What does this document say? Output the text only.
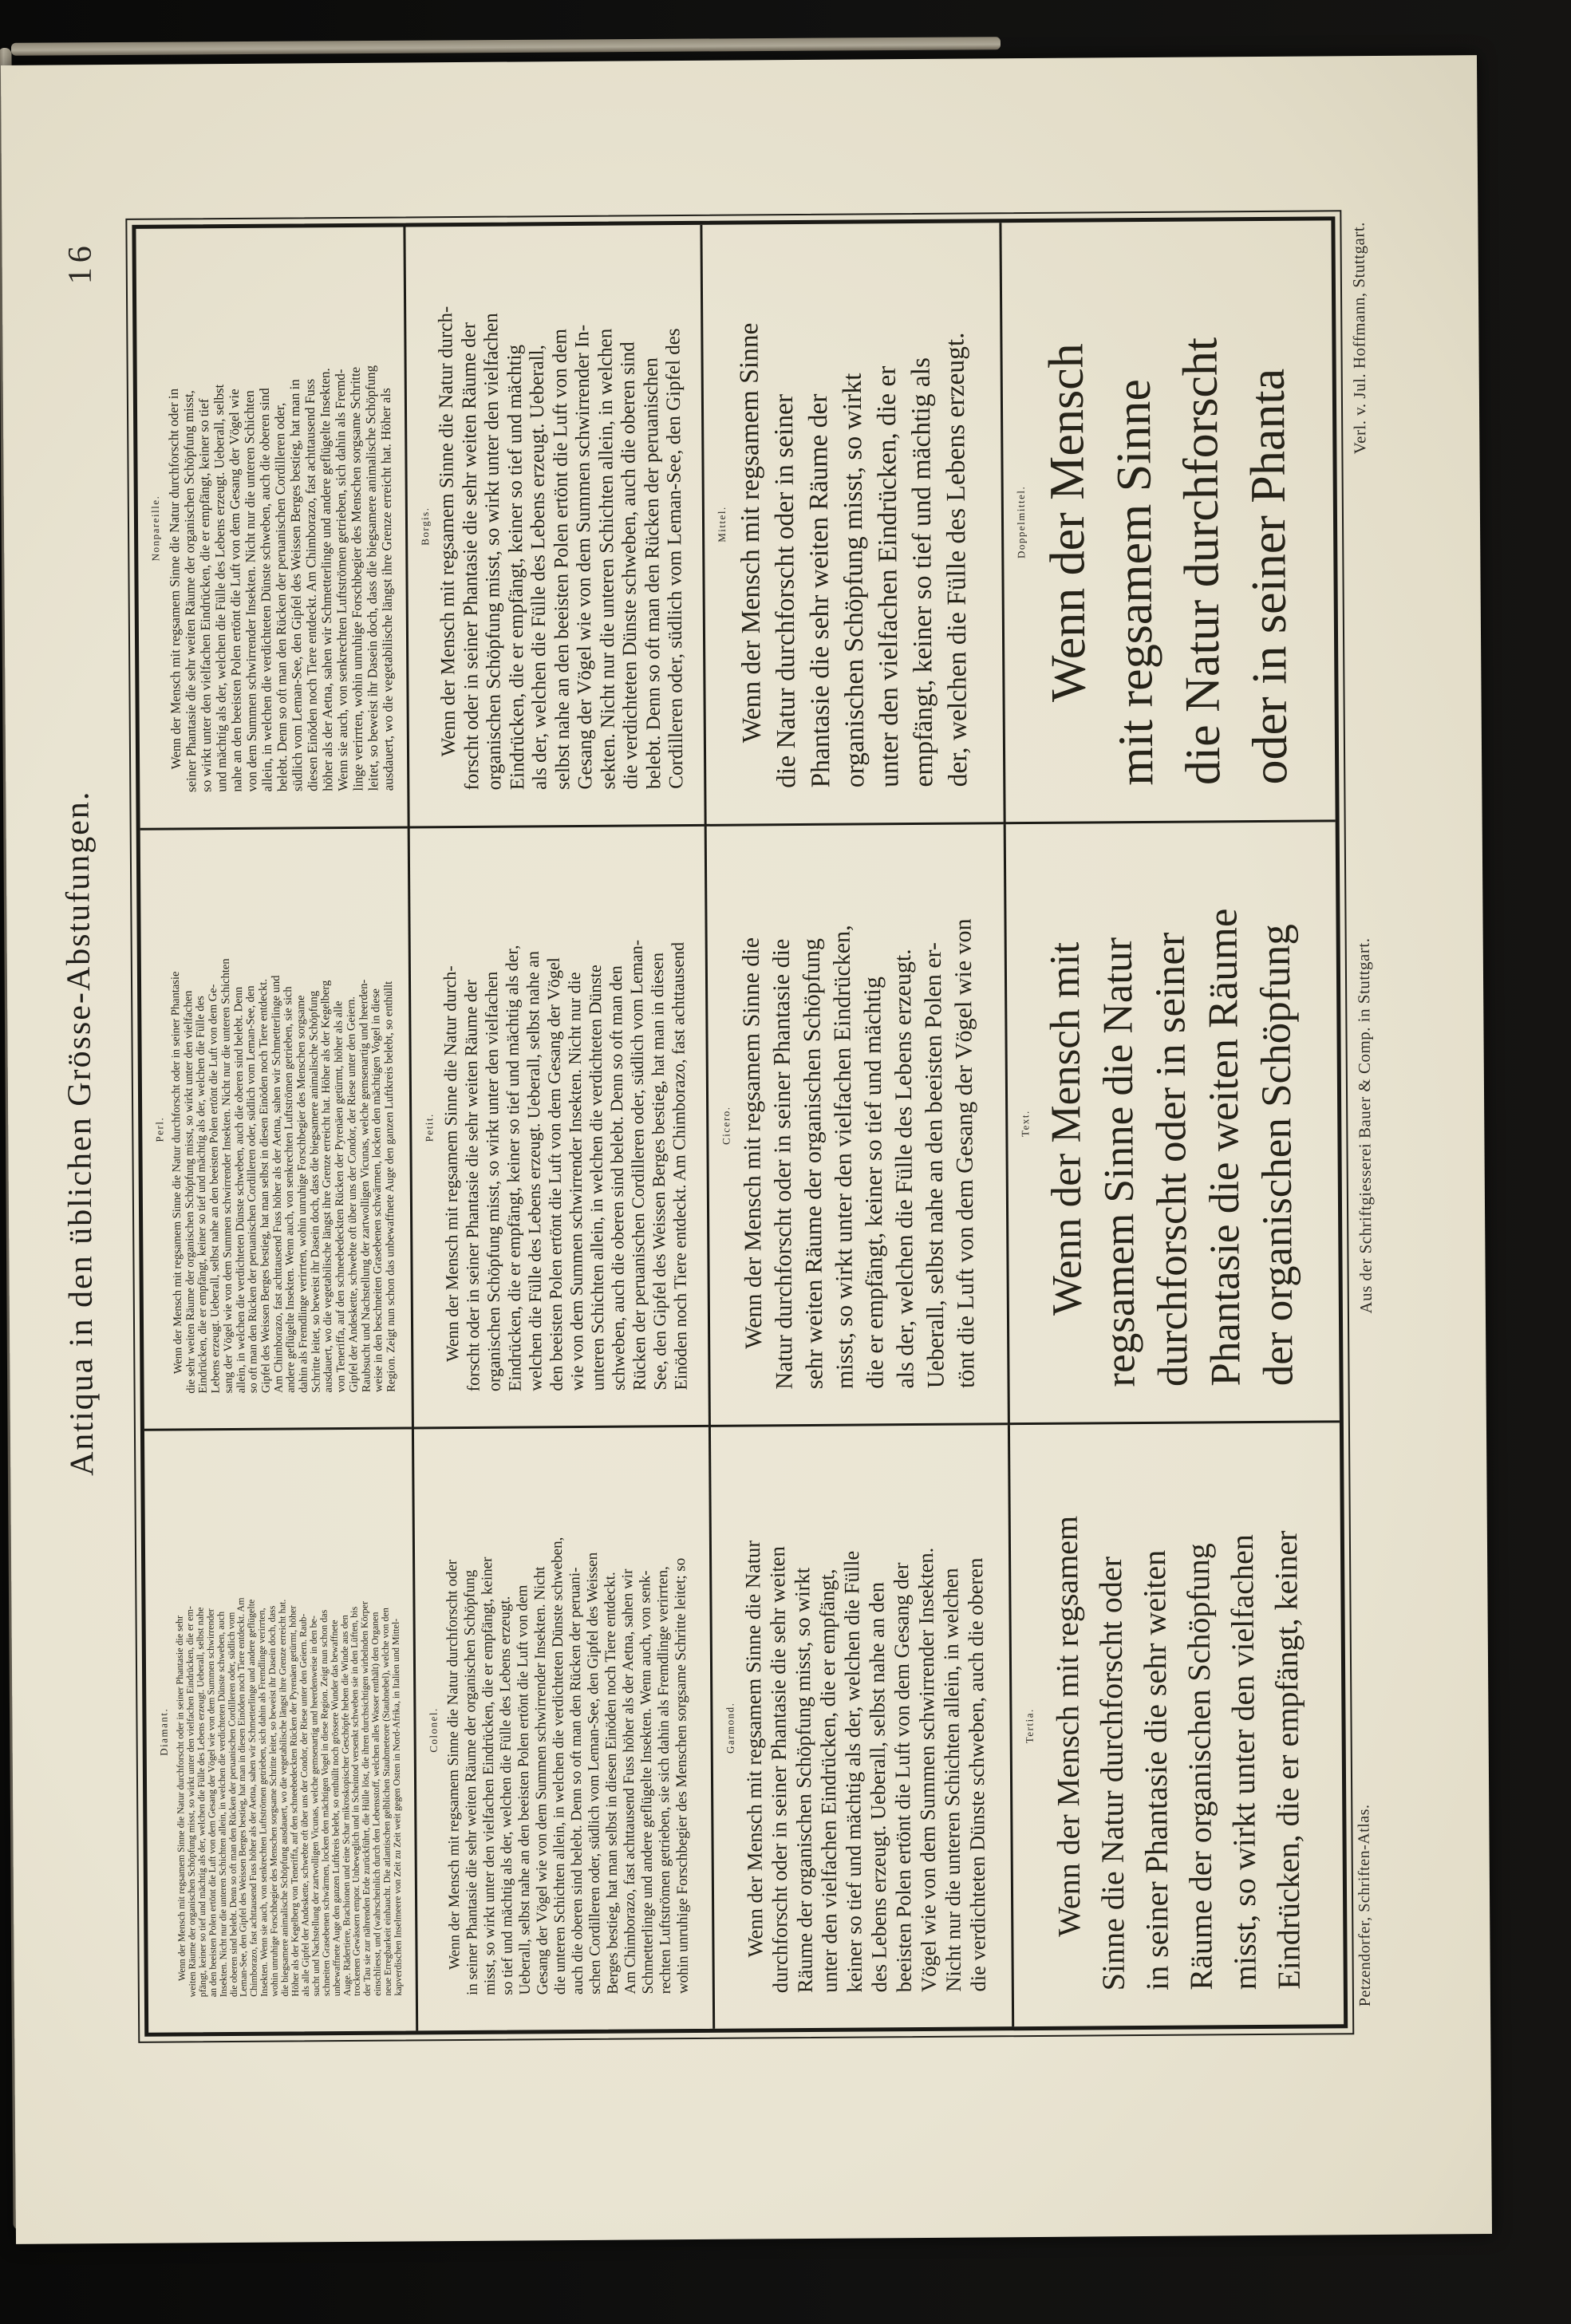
16
Antiqua in den üblichen Grösse-Abstufungen.
Diamant. Wenn der Mensch mit regsamem Sinne die Natur durchforscht oder in seiner Phantasie die sehr
weiten Räume der organischen Schöpfung misst, so wirkt unter den vielfachen Eindrücken, die er em-
pfängt, keiner so tief und mächtig als der, welchen die Fülle des Lebens erzeugt. Ueberall, selbst nahe
an den beeisten Polen ertönt die Luft von dem Gesang der Vögel wie von dem Summen schwirrender
Insekten. Nicht nur die unteren Schichten allein, in welchen die verdichteten Dünste schweben, auch
die oberen sind belebt. Denn so oft man den Rücken der peruanischen Cordilleren oder, südlich vom
Leman-See, den Gipfel des Weissen Berges bestieg, hat man in diesen Einöden noch Tiere entdeckt. Am
Chimborazo, fast achttausend Fuss höher als der Aetna, sahen wir Schmetterlinge und andere geflügelte
Insekten. Wenn sie auch, von senkrechten Luftströmen getrieben, sich dahin als Fremdlinge verirrten,
wohin unruhige Forschbegier des Menschen sorgsame Schritte leitet, so beweist ihr Dasein doch, dass
die biegsamere animalische Schöpfung ausdauert, wo die vegetabilische längst ihre Grenze erreicht hat.
Höher als der Kegelberg von Teneriffa, auf den schneebedeckten Rücken der Pyrenäen getürmt, höher
als alle Gipfel der Andeskette, schwebte oft über uns der Condor, der Riese unter den Geiern. Raub-
sucht und Nachstellung der zartwolligen Vicunas, welche gemsenartig und heerdenweise in den be-
schneiten Grasebenen schwärmen, locken den mächtigen Vogel in diese Region. Zeigt nun schon das
unbewaffnete Auge den ganzen Luftkreis belebt, so enthüllt noch grössere Wunder das bewaffnete
Auge. Rädertiere, Brachionen und eine Schar mikroskopischer Geschöpfe heben die Winde aus den
trockenen Gewässern empor. Unbeweglich und in Scheintod versenkt schweben sie in den Lüften, bis
der Tau sie zur nährenden Erde zurückführt, die Hülle löst, die ihren durchsichtigen wirbelnden Körper
einschliesst, und (wahrscheinlich durch den Lebensstoff, welchen alles Wasser enthält) den Organen
neue Erregbarkeit einhaucht. Die atlantischen gelblichen Staubmeteore (Staubnebel), welche von den
kapverdischen Inselmeere von Zeit zu Zeit weit gegen Osten in Nord-Afrika, in Italien und Mittel-

Perl. Wenn der Mensch mit regsamem Sinne die Natur durchforscht oder in seiner Phantasie
die sehr weiten Räume der organischen Schöpfung misst, so wirkt unter den vielfachen
Eindrücken, die er empfängt, keiner so tief und mächtig als der, welchen die Fülle des
Lebens erzeugt. Ueberall, selbst nahe an den beeisten Polen ertönt die Luft von dem Ge-
sang der Vögel wie von dem Summen schwirrender Insekten. Nicht nur die unteren Schichten
allein, in welchen die verdichteten Dünste schweben, auch die oberen sind belebt. Denn
so oft man den Rücken der peruanischen Cordilleren oder, südlich vom Leman-See, den
Gipfel des Weissen Berges bestieg, hat man selbst in diesen Einöden noch Tiere entdeckt.
Am Chimborazo, fast achttausend Fuss höher als der Aetna, sahen wir Schmetterlinge und
andere geflügelte Insekten. Wenn auch, von senkrechten Luftströmen getrieben, sie sich
dahin als Fremdlinge verirrten, wohin unruhige Forschbegier des Menschen sorgsame
Schritte leitet, so beweist ihr Dasein doch, dass die biegsamere animalische Schöpfung
ausdauert, wo die vegetabilische längst ihre Grenze erreicht hat. Höher als der Kegelberg
von Teneriffa, auf den schneebedeckten Rücken der Pyrenäen getürmt, höher als alle
Gipfel der Andeskette, schwebte oft über uns der Condor, der Riese unter den Geiern.
Raubsucht und Nachstellung der zartwolligen Vicunas, welche gemsenartig und heerden-
weise in den beschneiten Grasebenen schwärmen, locken den mächtigen Vogel in diese
Region. Zeigt nun schon das unbewaffnete Auge den ganzen Luftkreis belebt, so enthüllt

Nonpareille. Wenn der Mensch mit regsamem Sinne die Natur durchforscht oder in
seiner Phantasie die sehr weiten Räume der organischen Schöpfung misst,
so wirkt unter den vielfachen Eindrücken, die er empfängt, keiner so tief
und mächtig als der, welchen die Fülle des Lebens erzeugt. Ueberall, selbst
nahe an den beeisten Polen ertönt die Luft von dem Gesang der Vögel wie
von dem Summen schwirrender Insekten. Nicht nur die unteren Schichten
allein, in welchen die verdichteten Dünste schweben, auch die oberen sind
belebt. Denn so oft man den Rücken der peruanischen Cordilleren oder,
südlich vom Leman-See, den Gipfel des Weissen Berges bestieg, hat man in
diesen Einöden noch Tiere entdeckt. Am Chimborazo, fast achttausend Fuss
höher als der Aetna, sahen wir Schmetterlinge und andere geflügelte Insekten.
Wenn sie auch, von senkrechten Luftströmen getrieben, sich dahin als Fremd-
linge verirrten, wohin unruhige Forschbegier des Menschen sorgsame Schritte
leitet, so beweist ihr Dasein doch, dass die biegsamere animalische Schöpfung
ausdauert, wo die vegetabilische längst ihre Grenze erreicht hat. Höher als

Colonel. Wenn der Mensch mit regsamem Sinne die Natur durchforscht oder
in seiner Phantasie die sehr weiten Räume der organischen Schöpfung
misst, so wirkt unter den vielfachen Eindrücken, die er empfängt, keiner
so tief und mächtig als der, welchen die Fülle des Lebens erzeugt.
Ueberall, selbst nahe an den beeisten Polen ertönt die Luft von dem
Gesang der Vögel wie von dem Summen schwirrender Insekten. Nicht
die unteren Schichten allein, in welchen die verdichteten Dünste schweben,
auch die oberen sind belebt. Denn so oft man den Rücken der peruani-
schen Cordilleren oder, südlich vom Leman-See, den Gipfel des Weissen
Berges bestieg, hat man selbst in diesen Einöden noch Tiere entdeckt.
Am Chimborazo, fast achttausend Fuss höher als der Aetna, sahen wir
Schmetterlinge und andere geflügelte Insekten. Wenn auch, von senk-
rechten Luftströmen getrieben, sie sich dahin als Fremdlinge verirrten,
wohin unruhige Forschbegier des Menschen sorgsame Schritte leitet; so

Petit. Wenn der Mensch mit regsamem Sinne die Natur durch-
forscht oder in seiner Phantasie die sehr weiten Räume der
organischen Schöpfung misst, so wirkt unter den vielfachen
Eindrücken, die er empfängt, keiner so tief und mächtig als der,
welchen die Fülle des Lebens erzeugt. Ueberall, selbst nahe an
den beeisten Polen ertönt die Luft von dem Gesang der Vögel
wie von dem Summen schwirrender Insekten. Nicht nur die
unteren Schichten allein, in welchen die verdichteten Dünste
schweben, auch die oberen sind belebt. Denn so oft man den
Rücken der peruanischen Cordilleren oder, südlich vom Leman-
See, den Gipfel des Weissen Berges bestieg, hat man in diesen
Einöden noch Tiere entdeckt. Am Chimborazo, fast achttausend

Borgis. Wenn der Mensch mit regsamem Sinne die Natur durch-
forscht oder in seiner Phantasie die sehr weiten Räume der
organischen Schöpfung misst, so wirkt unter den vielfachen
Eindrücken, die er empfängt, keiner so tief und mächtig
als der, welchen die Fülle des Lebens erzeugt. Ueberall,
selbst nahe an den beeisten Polen ertönt die Luft von dem
Gesang der Vögel wie von dem Summen schwirrender In-
sekten. Nicht nur die unteren Schichten allein, in welchen
die verdichteten Dünste schweben, auch die oberen sind
belebt. Denn so oft man den Rücken der peruanischen
Cordilleren oder, südlich vom Leman-See, den Gipfel des

Garmond. Wenn der Mensch mit regsamem Sinne die Natur
durchforscht oder in seiner Phantasie die sehr weiten
Räume der organischen Schöpfung misst, so wirkt
unter den vielfachen Eindrücken, die er empfängt,
keiner so tief und mächtig als der, welchen die Fülle
des Lebens erzeugt. Ueberall, selbst nahe an den
beeisten Polen ertönt die Luft von dem Gesang der
Vögel wie von dem Summen schwirrender Insekten.
Nicht nur die unteren Schichten allein, in welchen
die verdichteten Dünste schweben, auch die oberen

Cicero. Wenn der Mensch mit regsamem Sinne die
Natur durchforscht oder in seiner Phantasie die
sehr weiten Räume der organischen Schöpfung
misst, so wirkt unter den vielfachen Eindrücken,
die er empfängt, keiner so tief und mächtig
als der, welchen die Fülle des Lebens erzeugt.
Ueberall, selbst nahe an den beeisten Polen er-
tönt die Luft von dem Gesang der Vögel wie von

Mittel. Wenn der Mensch mit regsamem Sinne
die Natur durchforscht oder in seiner
Phantasie die sehr weiten Räume der
organischen Schöpfung misst, so wirkt
unter den vielfachen Eindrücken, die er
empfängt, keiner so tief und mächtig als
der, welchen die Fülle des Lebens erzeugt.

Tertia. Wenn der Mensch mit regsamem
Sinne die Natur durchforscht oder
in seiner Phantasie die sehr weiten
Räume der organischen Schöpfung
misst, so wirkt unter den vielfachen
Eindrücken, die er empfängt, keiner

Text. Wenn der Mensch mit
regsamem Sinne die Natur
durchforscht oder in seiner
Phantasie die weiten Räume
der organischen Schöpfung

Doppelmittel. Wenn der Mensch
mit regsamem Sinne
die Natur durchforscht
oder in seiner Phanta

Petzendorfer, Schriften-Atlas.
Aus der Schriftgiesserei Bauer & Comp. in Stuttgart.
Verl. v. Jul. Hoffmann, Stuttgart.
